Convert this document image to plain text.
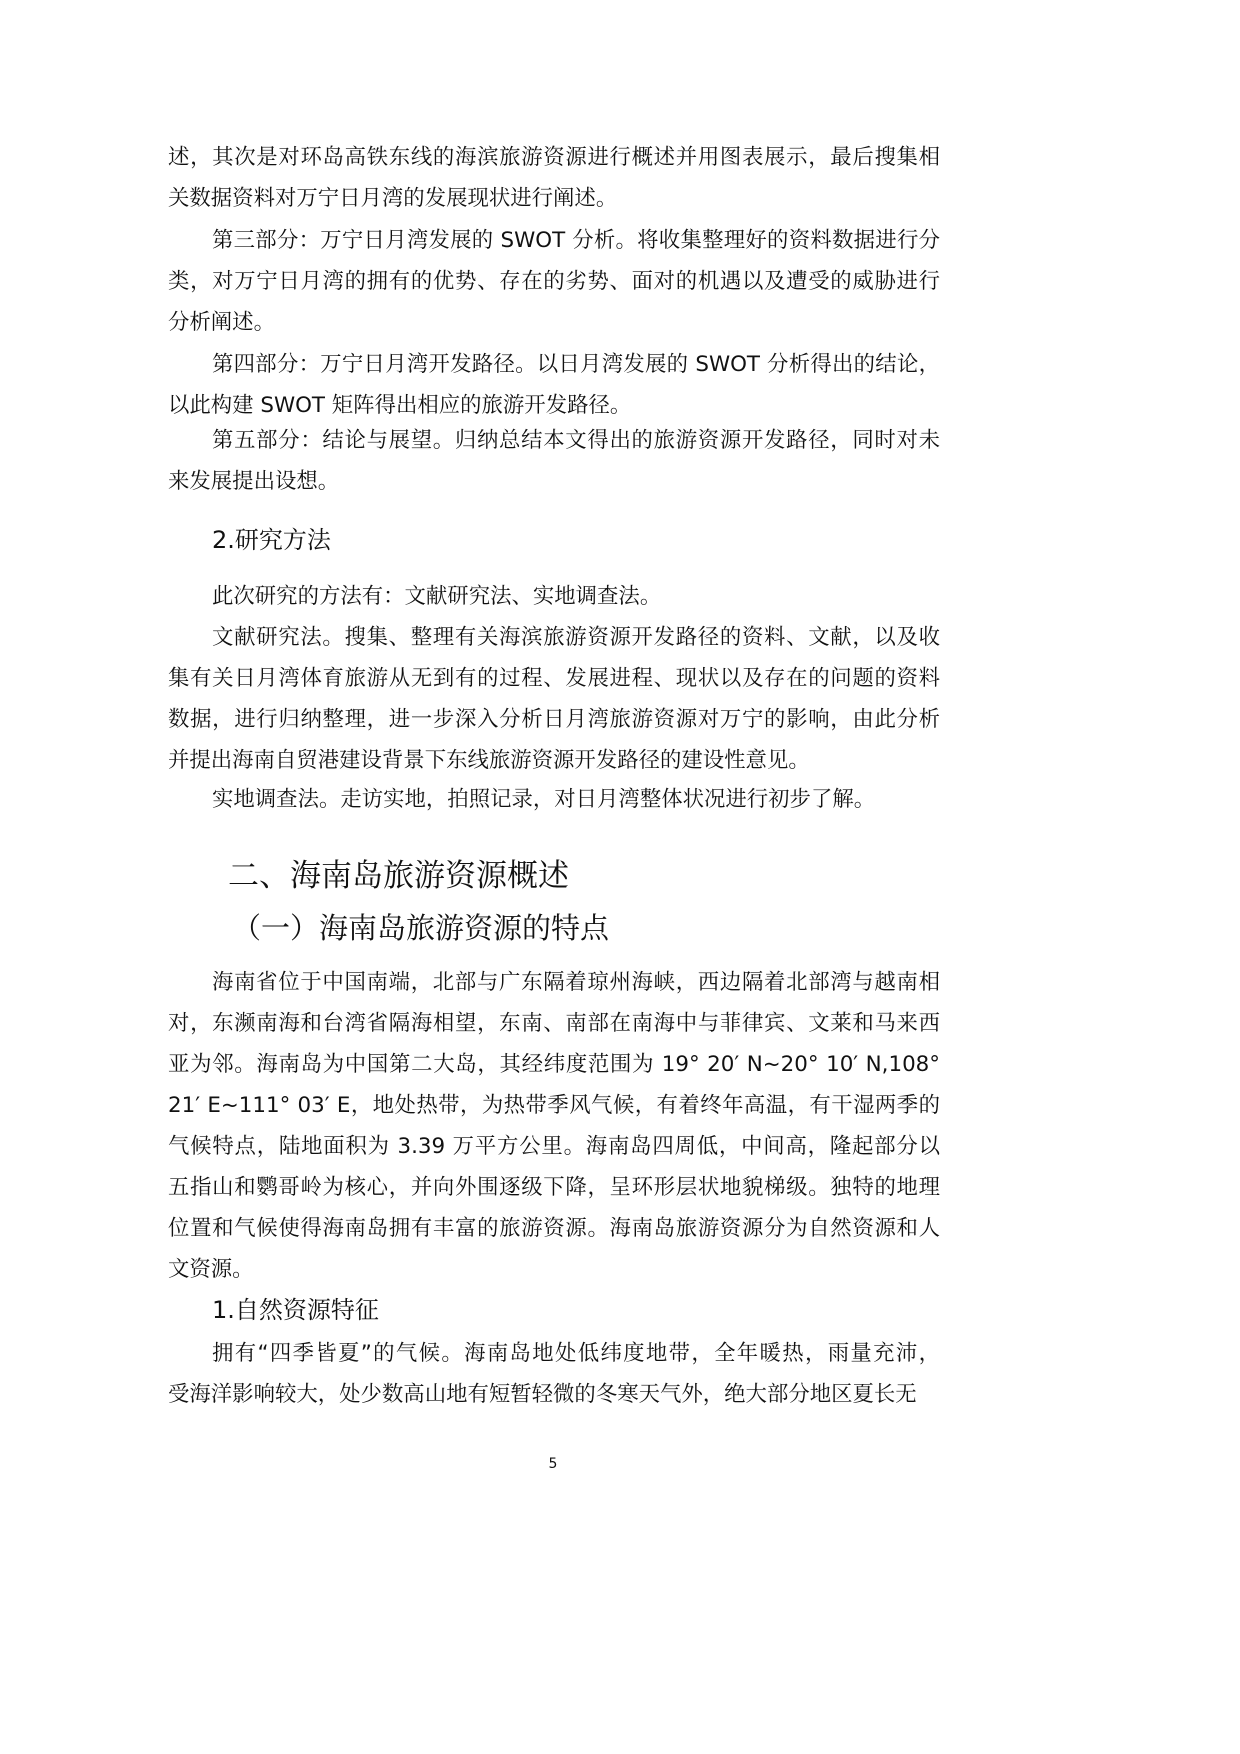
述，其次是对环岛高铁东线的海滨旅游资源进行概述并用图表展示，最后搜集相
关数据资料对万宁日月湾的发展现状进行阐述。
第三部分：万宁日月湾发展的 SWOT 分析。将收集整理好的资料数据进行分
类，对万宁日月湾的拥有的优势、存在的劣势、面对的机遇以及遭受的威胁进行
分析阐述。
第四部分：万宁日月湾开发路径。以日月湾发展的 SWOT 分析得出的结论，
以此构建 SWOT 矩阵得出相应的旅游开发路径。
第五部分：结论与展望。归纳总结本文得出的旅游资源开发路径，同时对未
来发展提出设想。
2.研究方法
此次研究的方法有：文献研究法、实地调查法。
文献研究法。搜集、整理有关海滨旅游资源开发路径的资料、文献，以及收
集有关日月湾体育旅游从无到有的过程、发展进程、现状以及存在的问题的资料
数据，进行归纳整理，进一步深入分析日月湾旅游资源对万宁的影响，由此分析
并提出海南自贸港建设背景下东线旅游资源开发路径的建设性意见。
实地调查法。走访实地，拍照记录，对日月湾整体状况进行初步了解。
二、海南岛旅游资源概述
（一）海南岛旅游资源的特点
海南省位于中国南端，北部与广东隔着琼州海峡，西边隔着北部湾与越南相
对，东濒南海和台湾省隔海相望，东南、南部在南海中与菲律宾、文莱和马来西
亚为邻。海南岛为中国第二大岛，其经纬度范围为 19° 20′ N~20° 10′ N,108°
21′ E~111° 03′ E，地处热带，为热带季风气候，有着终年高温，有干湿两季的
气候特点，陆地面积为 3.39 万平方公里。海南岛四周低，中间高，隆起部分以
五指山和鹦哥岭为核心，并向外围逐级下降，呈环形层状地貌梯级。独特的地理
位置和气候使得海南岛拥有丰富的旅游资源。海南岛旅游资源分为自然资源和人
文资源。
1.自然资源特征
拥有“四季皆夏”的气候。海南岛地处低纬度地带，全年暖热，雨量充沛，
受海洋影响较大，处少数高山地有短暂轻微的冬寒天气外，绝大部分地区夏长无
5
